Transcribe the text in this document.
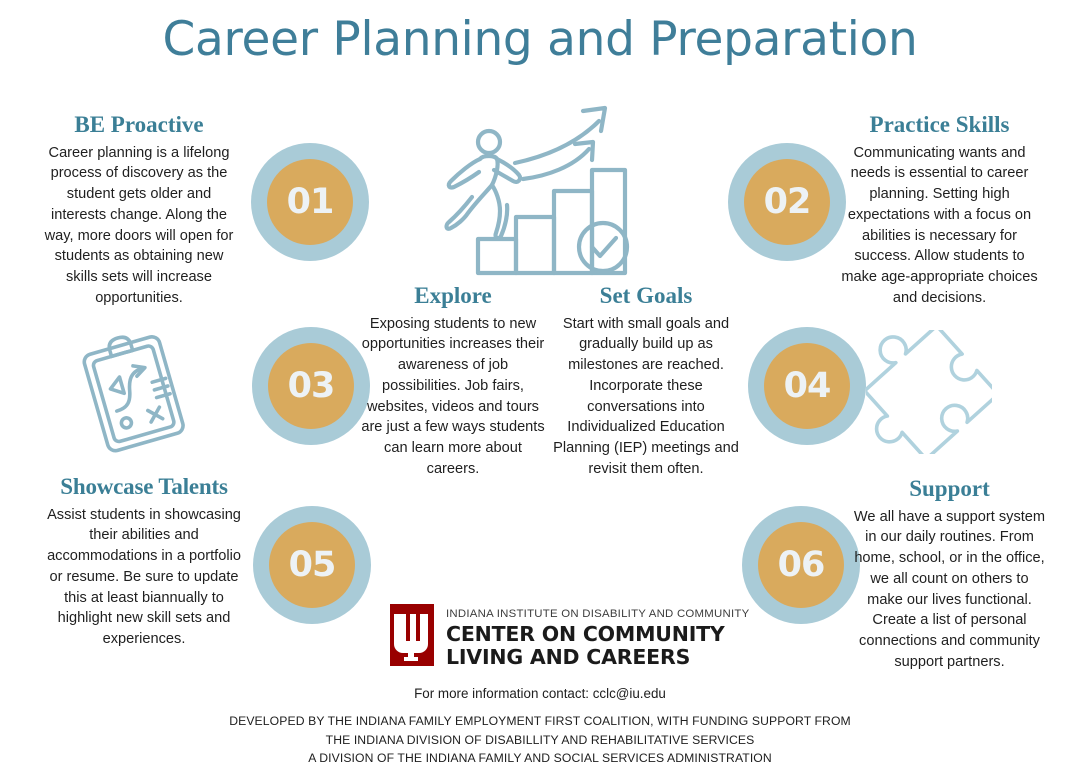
Career Planning and Preparation
BE Proactive

Career planning is a lifelong process of discovery as the student gets older and interests change. Along the way, more doors will open for students as obtaining new skills sets will increase opportunities.

01	02
Practice Skills

Communicating wants and needs is essential to career planning. Setting high expectations with a focus on abilities is necessary for success. Allow students to make age-appropriate choices and decisions.

03
Explore

Exposing students to new opportunities increases their awareness of job possibilities. Job fairs, websites, videos and tours are just a few ways students can learn more about careers.

Set Goals

Start with small goals and gradually build up as milestones are reached. Incorporate these conversations into Individualized Education Planning (IEP) meetings and revisit them often.

04
Showcase Talents

Assist students in showcasing their abilities and accommodations in a portfolio or resume. Be sure to update this at least biannually to highlight new skill sets and experiences.

05	06
Support

We all have a support system in our daily routines. From home, school, or in the office, we all count on others to make our lives functional. Create a list of personal connections and community support partners.

INDIANA INSTITUTE ON DISABILITY AND COMMUNITY
CENTER ON COMMUNITY
LIVING AND CAREERS
For more information contact: cclc@iu.edu
DEVELOPED BY THE INDIANA FAMILY EMPLOYMENT FIRST COALITION, WITH FUNDING SUPPORT FROM
THE INDIANA DIVISION OF DISABILLITY AND REHABILITATIVE SERVICES
A DIVISION OF THE INDIANA FAMILY AND SOCIAL SERVICES ADMINISTRATION
